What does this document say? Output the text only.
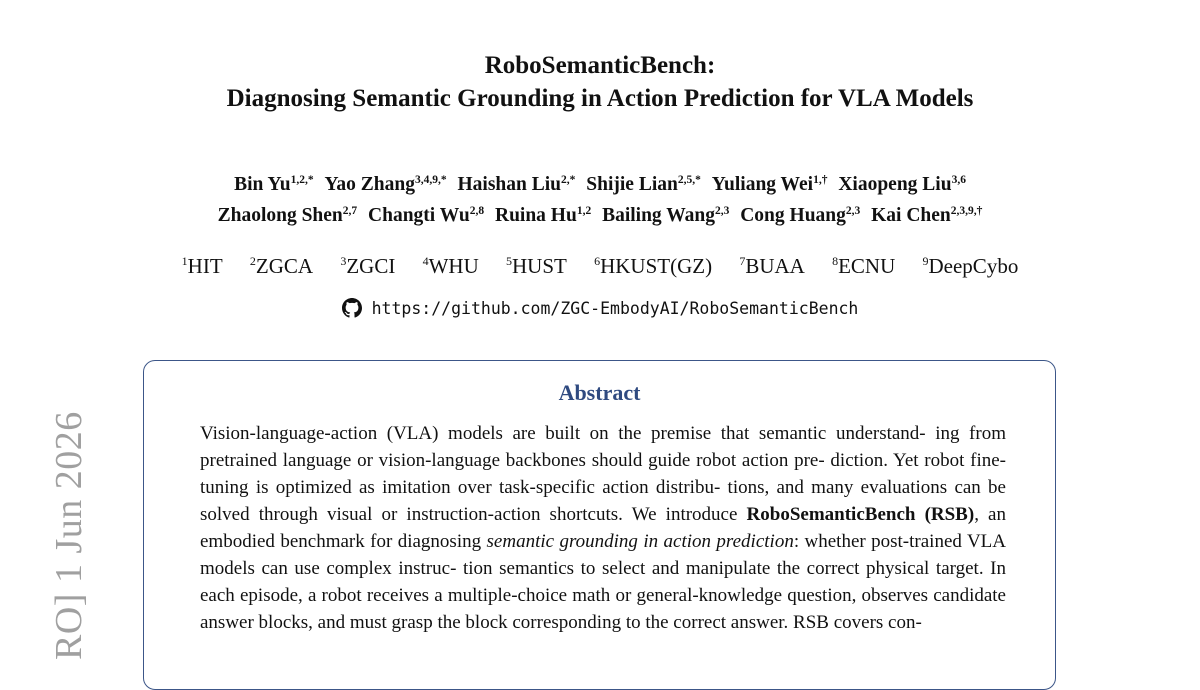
RO] 1 Jun 2026
RoboSemanticBench:
Diagnosing Semantic Grounding in Action Prediction for VLA Models
Bin $Yu^{1,2,*}$ Yao Zhang$^{3,4,9,*}$ Haishan Liu$^{2,*}$ Shijie Lian$^{2,5,*}$ Yuliang Wei$^{1,\dagger}$ Xiaopeng Liu$^{3,6}$
Zhaolong Shen$^{2,7}$ Changti Wu$^{2,8}$ Ruina Hu$^{1,2}$ Bailing Wang$^{2,3}$ Cong Huang$^{2,3}$ Kai Chen$^{2,3,9,\dagger}$
$^1$HIT $^2$ZGCA $^3$ZGCI $^4$WHU $^5$HUST $^6$HKUST(GZ) $^7$BUAA $^8$ECNU $^9$DeepCybo
https://github.com/ZGC-EmbodyAI/RoboSemanticBench
Abstract
Vision-language-action (VLA) models are built on the premise that semantic understand- ing from pretrained language or vision-language backbones should guide robot action pre- diction. Yet robot fine-tuning is optimized as imitation over task-specific action distribu- tions, and many evaluations can be solved through visual or instruction-action shortcuts. We introduce RoboSemanticBench (RSB), an embodied benchmark for diagnosing semantic grounding in action prediction: whether post-trained VLA models can use complex instruc- tion semantics to select and manipulate the correct physical target. In each episode, a robot receives a multiple-choice math or general-knowledge question, observes candidate answer blocks, and must grasp the block corresponding to the correct answer. RSB covers con-
